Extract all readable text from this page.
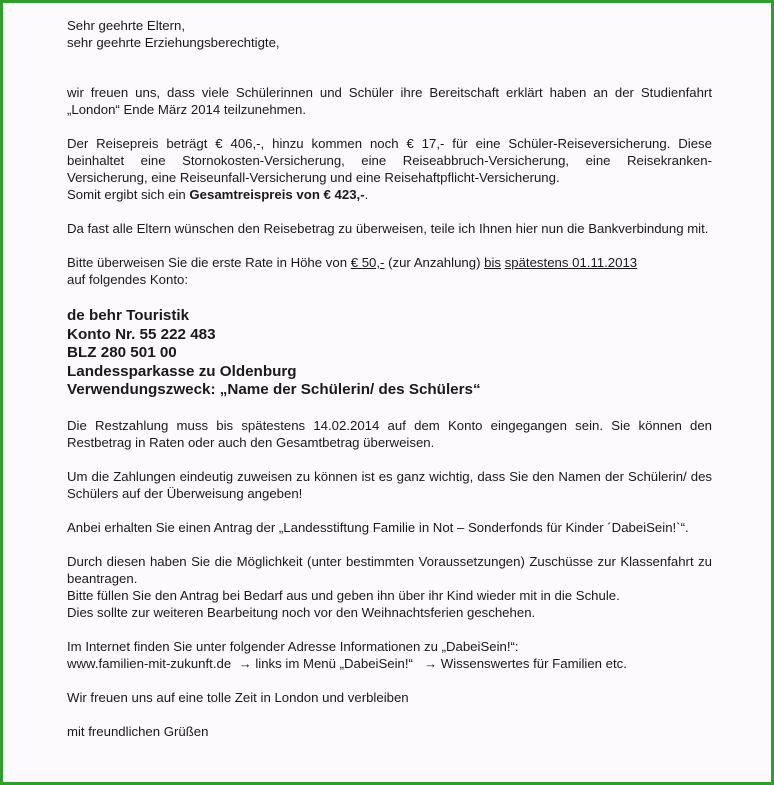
Sehr geehrte Eltern,

sehr geehrte Erziehungsberechtigte,

wir freuen uns, dass viele Schülerinnen und Schüler ihre Bereitschaft erklärt haben an der Studienfahrt „London“ Ende März 2014 teilzunehmen.

Der Reisepreis beträgt € 406,-, hinzu kommen noch € 17,- für eine Schüler-Reiseversicherung. Diese beinhaltet eine Stornokosten-Versicherung, eine Reiseabbruch-Versicherung, eine Reisekranken-Versicherung, eine Reiseunfall-Versicherung und eine Reisehaftpflicht-Versicherung.

Somit ergibt sich ein Gesamtreispreis von € 423,-.

Da fast alle Eltern wünschen den Reisebetrag zu überweisen, teile ich Ihnen hier nun die Bankverbindung mit.

Bitte überweisen Sie die erste Rate in Höhe von € 50,- (zur Anzahlung) bis spätestens 01.11.2013

auf folgendes Konto:

de behr Touristik

Konto Nr. 55 222 483

BLZ 280 501 00

Landessparkasse zu Oldenburg

Verwendungszweck: „Name der Schülerin/ des Schülers“

Die Restzahlung muss bis spätestens 14.02.2014 auf dem Konto eingegangen sein. Sie können den Restbetrag in Raten oder auch den Gesamtbetrag überweisen.

Um die Zahlungen eindeutig zuweisen zu können ist es ganz wichtig, dass Sie den Namen der Schülerin/ des Schülers auf der Überweisung angeben!

Anbei erhalten Sie einen Antrag der „Landesstiftung Familie in Not – Sonderfonds für Kinder ´DabeiSein!`“.

Durch diesen haben Sie die Möglichkeit (unter bestimmten Voraussetzungen) Zuschüsse zur Klassenfahrt zu beantragen.

Bitte füllen Sie den Antrag bei Bedarf aus und geben ihn über ihr Kind wieder mit in die Schule.

Dies sollte zur weiteren Bearbeitung noch vor den Weihnachtsferien geschehen.

Im Internet finden Sie unter folgender Adresse Informationen zu „DabeiSein!“:

www.familien-mit-zukunft.de → links im Menü „DabeiSein!“ → Wissenswertes für Familien etc.

Wir freuen uns auf eine tolle Zeit in London und verbleiben

mit freundlichen Grüßen
